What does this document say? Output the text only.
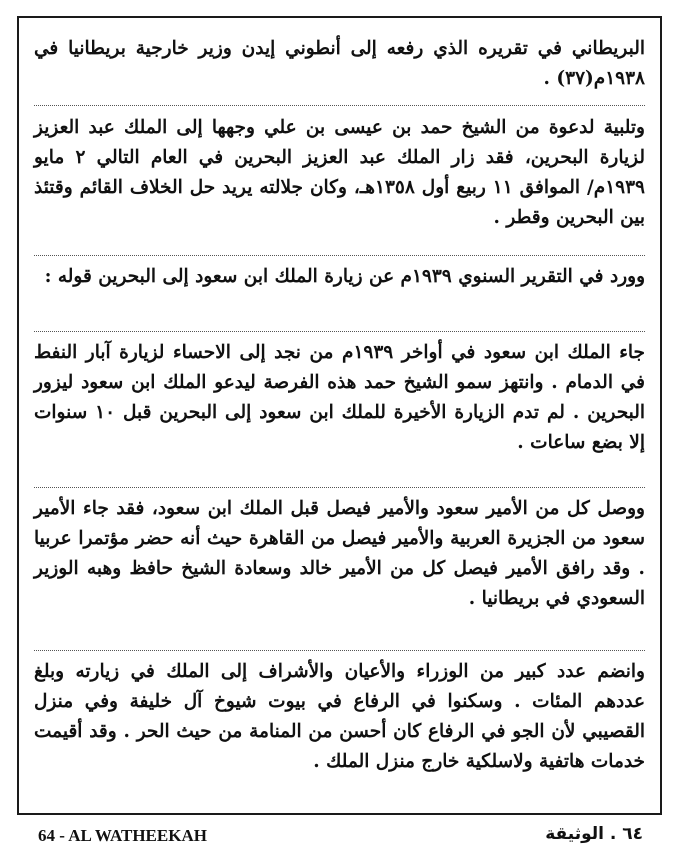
البريطاني في تقريره الذي رفعه إلى أنطوني إيدن وزير خارجية بريطانيا في ١٩٣٨م(٣٧) .

وتلبية لدعوة من الشيخ حمد بن عيسى بن علي وجهها إلى الملك عبد العزيز لزيارة البحرين، فقد زار الملك عبد العزيز البحرين في العام التالي ٢ مايو ١٩٣٩م/ الموافق ١١ ربيع أول ١٣٥٨هـ، وكان جلالته يريد حل الخلاف القائم وقتئذ بين البحرين وقطر .

وورد في التقرير السنوي ١٩٣٩م عن زيارة الملك ابن سعود إلى البحرين قوله :

جاء الملك ابن سعود في أواخر ١٩٣٩م من نجد إلى الاحساء لزيارة آبار النفط في الدمام . وانتهز سمو الشيخ حمد هذه الفرصة ليدعو الملك ابن سعود ليزور البحرين . لم تدم الزيارة الأخيرة للملك ابن سعود إلى البحرين قبل ١٠ سنوات إلا بضع ساعات .

ووصل كل من الأمير سعود والأمير فيصل قبل الملك ابن سعود، فقد جاء الأمير سعود من الجزيرة العربية والأمير فيصل من القاهرة حيث أنه حضر مؤتمرا عربيا . وقد رافق الأمير فيصل كل من الأمير خالد وسعادة الشيخ حافظ وهبه الوزير السعودي في بريطانيا .

وانضم عدد كبير من الوزراء والأعيان والأشراف إلى الملك في زيارته وبلغ عددهم المئات . وسكنوا في الرفاع في بيوت شيوخ آل خليفة وفي منزل القصيبي لأن الجو في الرفاع كان أحسن من المنامة من حيث الحر . وقد أقيمت خدمات هاتفية ولاسلكية خارج منزل الملك .

64 - AL WATHEEKAH	٦٤ . الوثيقة
